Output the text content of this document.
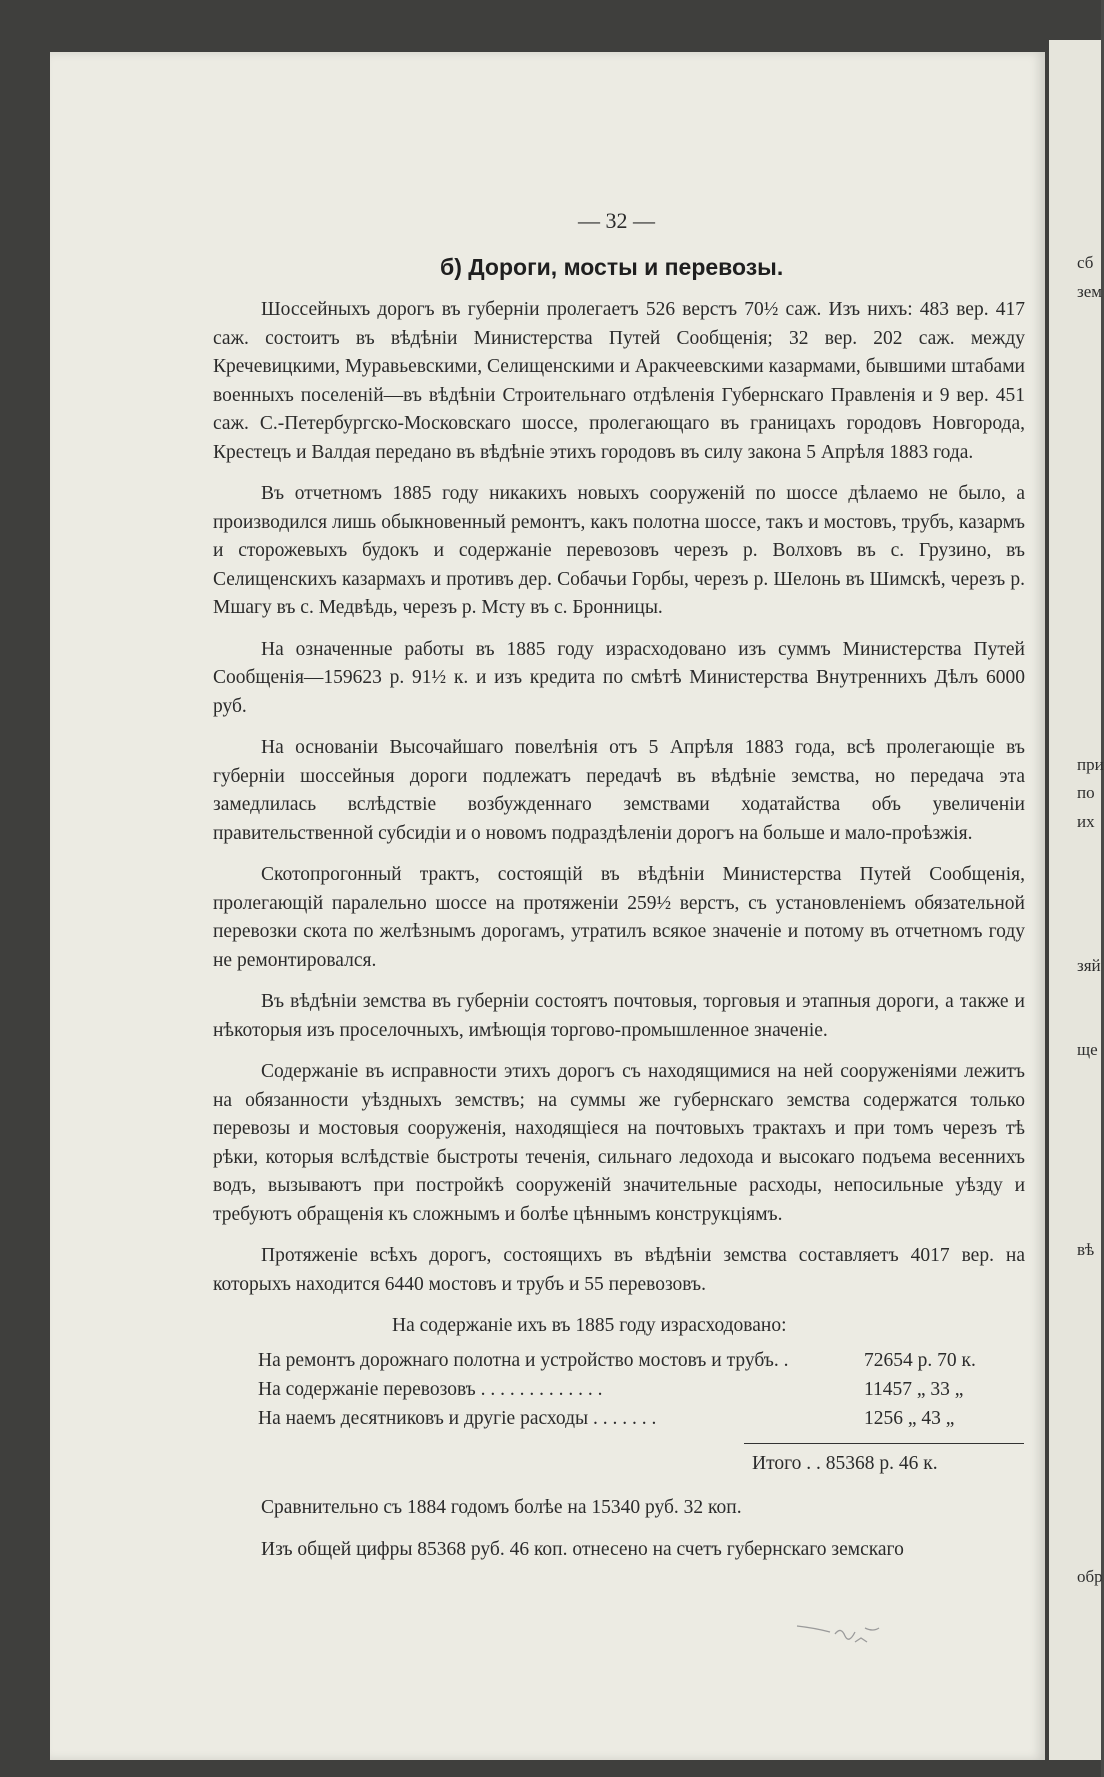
сб
зем
при
по
их
зяй
ще
вѣ
обр
— 32 —
б) Дороги, мосты и перевозы.

Шоссейныхъ дорогъ въ губерніи пролегаетъ 526 верстъ 70½ саж. Изъ нихъ: 483 вер. 417 саж. состоитъ въ вѣдѣніи Министерства Путей Сообщенія; 32 вер. 202 саж. между Кречевицкими, Муравьевскими, Селищенскими и Аракчеевскими казармами, бывшими штабами военныхъ поселеній—въ вѣдѣніи Строительнаго отдѣленія Губернскаго Правленія и 9 вер. 451 саж. С.-Петербургско-Московскаго шоссе, пролегающаго въ границахъ городовъ Новгорода, Крестецъ и Валдая передано въ вѣдѣніе этихъ городовъ въ силу закона 5 Апрѣля 1883 года.

Въ отчетномъ 1885 году никакихъ новыхъ сооруженій по шоссе дѣлаемо не было, а производился лишь обыкновенный ремонтъ, какъ полотна шоссе, такъ и мостовъ, трубъ, казармъ и сторожевыхъ будокъ и содержаніе перевозовъ черезъ р. Волховъ въ с. Грузино, въ Селищенскихъ казармахъ и противъ дер. Собачьи Горбы, черезъ р. Шелонь въ Шимскѣ, черезъ р. Мшагу въ с. Медвѣдь, черезъ р. Мсту въ с. Бронницы.

На означенные работы въ 1885 году израсходовано изъ суммъ Министерства Путей Сообщенія—159623 р. 91½ к. и изъ кредита по смѣтѣ Министерства Внутреннихъ Дѣлъ 6000 руб.

На основаніи Высочайшаго повелѣнія отъ 5 Апрѣля 1883 года, всѣ пролегающіе въ губерніи шоссейныя дороги подлежатъ передачѣ въ вѣдѣніе земства, но передача эта замедлилась вслѣдствіе возбужденнаго земствами ходатайства объ увеличеніи правительственной субсидіи и о новомъ подраздѣленіи дорогъ на больше и мало-проѣзжія.

Скотопрогонный трактъ, состоящій въ вѣдѣніи Министерства Путей Сообщенія, пролегающій паралельно шоссе на протяженіи 259½ верстъ, съ установленіемъ обязательной перевозки скота по желѣзнымъ дорогамъ, утратилъ всякое значеніе и потому въ отчетномъ году не ремонтировался.

Въ вѣдѣніи земства въ губерніи состоятъ почтовыя, торговыя и этапныя дороги, а также и нѣкоторыя изъ проселочныхъ, имѣющія торгово-промышленное значеніе.

Содержаніе въ исправности этихъ дорогъ съ находящимися на ней сооруженіями лежитъ на обязанности уѣздныхъ земствъ; на суммы же губернскаго земства содержатся только перевозы и мостовыя сооруженія, находящіеся на почтовыхъ трактахъ и при томъ черезъ тѣ рѣки, которыя вслѣдствіе быстроты теченія, сильнаго ледохода и высокаго подъема весеннихъ водъ, вызываютъ при постройкѣ сооруженій значительные расходы, непосильные уѣзду и требуютъ обращенія къ сложнымъ и болѣе цѣннымъ конструкціямъ.

Протяженіе всѣхъ дорогъ, состоящихъ въ вѣдѣніи земства составляетъ 4017 вер. на которыхъ находится 6440 мостовъ и трубъ и 55 перевозовъ.

На содержаніе ихъ въ 1885 году израсходовано:
На ремонтъ дорожнаго полотна и устройство мостовъ и трубъ. .	72654 р. 70 к.
На содержаніе перевозовъ . . . . . . . . . . . . .	11457 „ 33 „
На наемъ десятниковъ и другіе расходы . . . . . . .	1256 „ 43 „
Итого . . 85368 р. 46 к.

Сравнительно съ 1884 годомъ болѣе на 15340 руб. 32 коп.

Изъ общей цифры 85368 руб. 46 коп. отнесено на счетъ губернскаго земскаго
